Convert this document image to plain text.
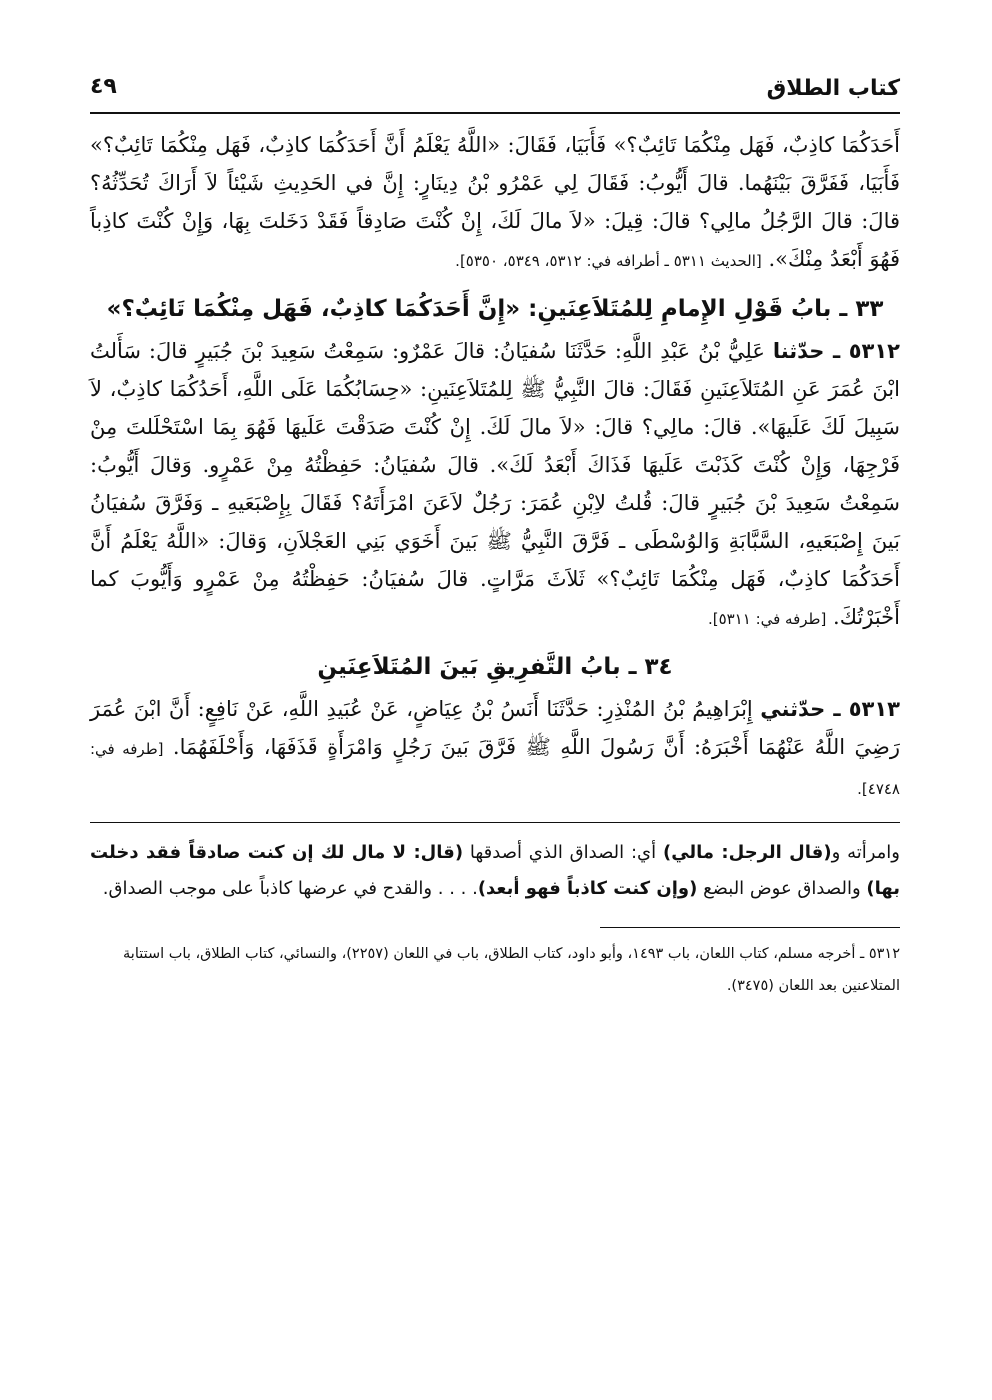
كتاب الطلاق
٤٩

أَحَدَكُمَا كاذِبٌ، فَهَل مِنْكُمَا تَائِبٌ؟» فَأَبَيَا، فَقَالَ: «اللَّهُ يَعْلَمُ أَنَّ أَحَدَكُمَا كاذِبٌ، فَهَل مِنْكُمَا تَائِبٌ؟» فَأَبَيَا، فَفَرَّقَ بَيْنَهُما. قالَ أَيُّوبُ: فَقَالَ لِي عَمْرُو بْنُ دِينَارٍ: إِنَّ في الحَدِيثِ شَيْئاً لاَ أَرَاكَ تُحَدِّثُهُ؟ قالَ: قالَ الرَّجُلُ مالِي؟ قالَ: قِيلَ: «لاَ مالَ لَكَ، إِنْ كُنْتَ صَادِقاً فَقَدْ دَخَلتَ بِهَا، وَإِنْ كُنْتَ كاذِباً فَهُوَ أَبْعَدُ مِنْكَ». [الحديث ٥٣١١ ـ أطرافه في: ٥٣١٢، ٥٣٤٩، ٥٣٥٠].

٣٣ ـ بابُ قَوْلِ الإِمامِ لِلمُتَلاَعِنَينِ: «إِنَّ أَحَدَكُمَا كاذِبٌ، فَهَل مِنْكُمَا تَائِبٌ؟»

٥٣١٢ ـ حدّثنا عَلِيُّ بْنُ عَبْدِ اللَّهِ: حَدَّثَنَا سُفيَانُ: قالَ عَمْرٌو: سَمِعْتُ سَعِيدَ بْنَ جُبَيرٍ قالَ: سَأَلتُ ابْنَ عُمَرَ عَنِ المُتَلاَعِنَينِ فَقَالَ: قالَ النَّبِيُّ ﷺ لِلمُتَلاَعِنَينِ: «حِسَابُكُمَا عَلَى اللَّهِ، أَحَدُكُمَا كاذِبٌ، لاَ سَبِيلَ لَكَ عَلَيهَا». قالَ: مالِي؟ قالَ: «لاَ مالَ لَكَ. إِنْ كُنْتَ صَدَقْتَ عَلَيهَا فَهُوَ بِمَا اسْتَحْلَلتَ مِنْ فَرْجِهَا، وَإِنْ كُنْتَ كَذَبْتَ عَلَيهَا فَذَاكَ أَبْعَدُ لَكَ». قالَ سُفيَانُ: حَفِظْتُهُ مِنْ عَمْرٍو. وَقالَ أَيُّوبُ: سَمِعْتُ سَعِيدَ بْنَ جُبَيرٍ قالَ: قُلتُ لاِبْنِ عُمَرَ: رَجُلٌ لاَعَنَ امْرَأَتَهُ؟ فَقَالَ بِإِصْبَعَيهِ ـ وَفَرَّقَ سُفيَانُ بَينَ إِصْبَعَيهِ، السَّبَّابَةِ وَالوُسْطَى ـ فَرَّقَ النَّبِيُّ ﷺ بَينَ أَخَوَي بَنِي العَجْلاَنِ، وَقالَ: «اللَّهُ يَعْلَمُ أَنَّ أَحَدَكُمَا كاذِبٌ، فَهَل مِنْكُمَا تَائِبٌ؟» ثَلاَثَ مَرَّاتٍ. قالَ سُفيَانُ: حَفِظْتُهُ مِنْ عَمْرٍو وَأَيُّوبَ كما أَخْبَرْتُكَ. [طرفه في: ٥٣١١].

٣٤ ـ بابُ التَّفرِيقِ بَينَ المُتَلاَعِنَينِ

٥٣١٣ ـ حدّثني إِبْرَاهِيمُ بْنُ المُنْذِرِ: حَدَّثَنَا أَنَسُ بْنُ عِيَاضٍ، عَنْ عُبَيدِ اللَّهِ، عَنْ نَافِعٍ: أَنَّ ابْنَ عُمَرَ رَضِيَ اللَّهُ عَنْهُمَا أَخْبَرَهُ: أَنَّ رَسُولَ اللَّهِ ﷺ فَرَّقَ بَينَ رَجُلٍ وَامْرَأَةٍ قَذَفَهَا، وَأَحْلَفَهُمَا. [طرفه في: ٤٧٤٨].

وامرأته و(قال الرجل: مالي) أي: الصداق الذي أصدقها (قال: لا مال لك إن كنت صادقاً فقد دخلت بها) والصداق عوض البضع (وإن كنت كاذباً فهو أبعد). . . . والقدح في عرضها كاذباً على موجب الصداق.

٥٣١٢ ـ أخرجه مسلم، كتاب اللعان، باب ١٤٩٣، وأبو داود، كتاب الطلاق، باب في اللعان (٢٢٥٧)، والنسائي، كتاب الطلاق، باب استتابة المتلاعنين بعد اللعان (٣٤٧٥).
